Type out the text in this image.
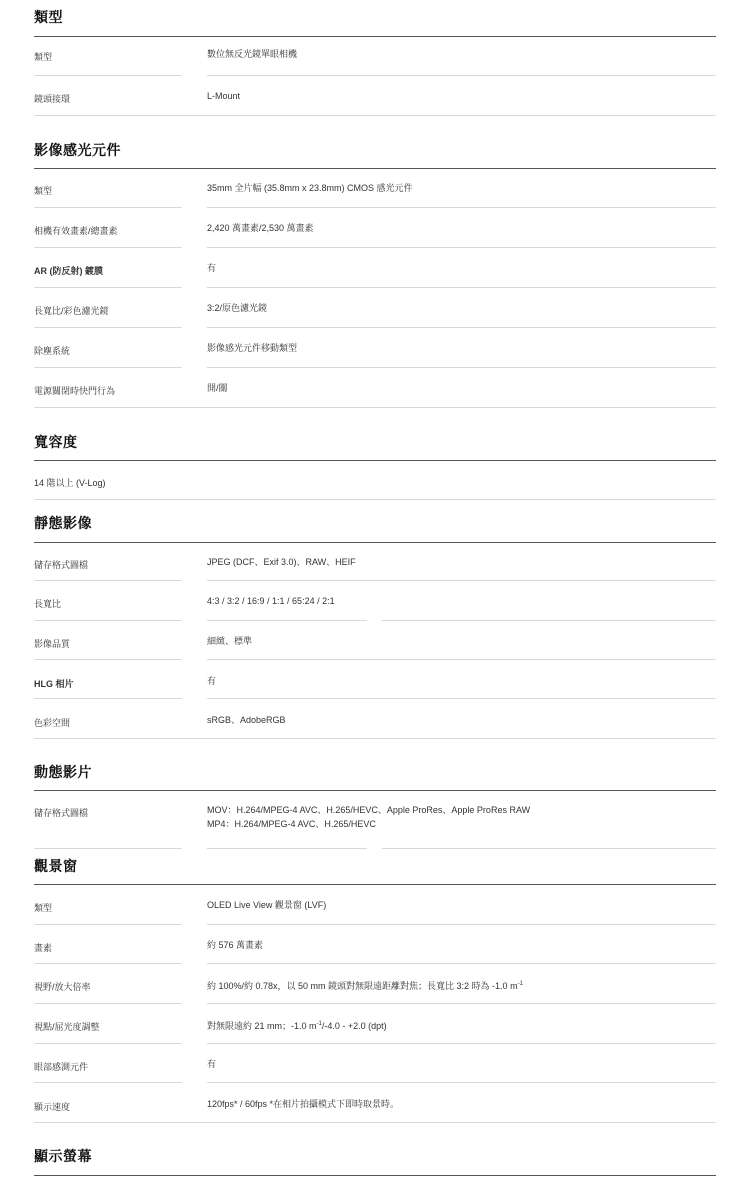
類型
類型	數位無反光鏡單眼相機
鏡頭接環	L-Mount
影像感光元件
類型	35mm 全片幅 (35.8mm x 23.8mm) CMOS 感光元件
相機有效畫素/總畫素	2,420 萬畫素/2,530 萬畫素
AR (防反射) 鍍膜	有
長寬比/彩色濾光鏡	3:2/原色濾光鏡
除塵系統	影像感光元件移動類型
電源關閉時快門行為	開/關
寬容度
14 階以上 (V-Log)
靜態影像
儲存格式圖檔	JPEG (DCF、Exif 3.0)、RAW、HEIF
長寬比	4:3 / 3:2 / 16:9 / 1:1 / 65:24 / 2:1
影像品質	細緻、標準
HLG 相片	有
色彩空間	sRGB、AdobeRGB
動態影片
儲存格式圖檔	MOV：H.264/MPEG-4 AVC、H.265/HEVC、Apple ProRes、Apple ProRes RAW
MP4：H.264/MPEG-4 AVC、H.265/HEVC
觀景窗
類型	OLED Live View 觀景窗 (LVF)
畫素	約 576 萬畫素
視野/放大倍率	約 100%/約 0.78x，以 50 mm 鏡頭對無限遠距離對焦；長寬比 3:2 時為 -1.0 $m^{-1}$
視點/屈光度調整	對無限遠約 21 mm；-1.0 $m^{-1}/-4.0 - +2.0$ (dpt)
眼部感測元件	有
顯示速度	120fps* / 60fps *在相片拍攝模式下即時取景時。
顯示螢幕
